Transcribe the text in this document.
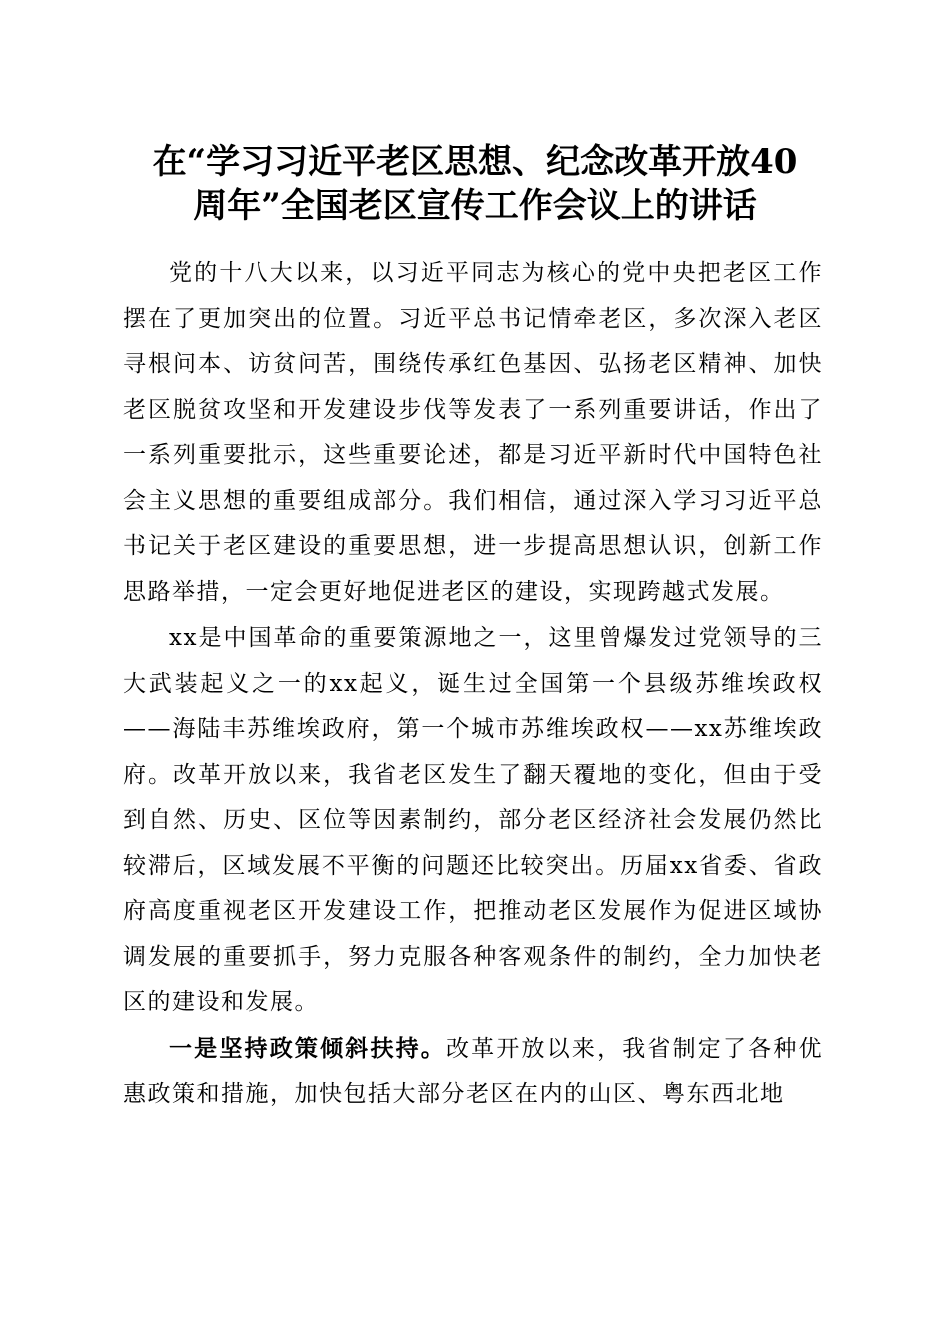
在“学习习近平老区思想、纪念改革开放40
周年”全国老区宣传工作会议上的讲话

党的十八大以来，以习近平同志为核心的党中央把老区工作摆在了更加突出的位置。习近平总书记情牵老区，多次深入老区寻根问本、访贫问苦，围绕传承红色基因、弘扬老区精神、加快老区脱贫攻坚和开发建设步伐等发表了一系列重要讲话，作出了一系列重要批示，这些重要论述，都是习近平新时代中国特色社会主义思想的重要组成部分。我们相信，通过深入学习习近平总书记关于老区建设的重要思想，进一步提高思想认识，创新工作思路举措，一定会更好地促进老区的建设，实现跨越式发展。

xx是中国革命的重要策源地之一，这里曾爆发过党领导的三大武装起义之一的xx起义，诞生过全国第一个县级苏维埃政权——海陆丰苏维埃政府，第一个城市苏维埃政权——xx苏维埃政府。改革开放以来，我省老区发生了翻天覆地的变化，但由于受到自然、历史、区位等因素制约，部分老区经济社会发展仍然比较滞后，区域发展不平衡的问题还比较突出。历届xx省委、省政府高度重视老区开发建设工作，把推动老区发展作为促进区域协调发展的重要抓手，努力克服各种客观条件的制约，全力加快老区的建设和发展。

一是坚持政策倾斜扶持。改革开放以来，我省制定了各种优惠政策和措施，加快包括大部分老区在内的山区、粤东西北地
